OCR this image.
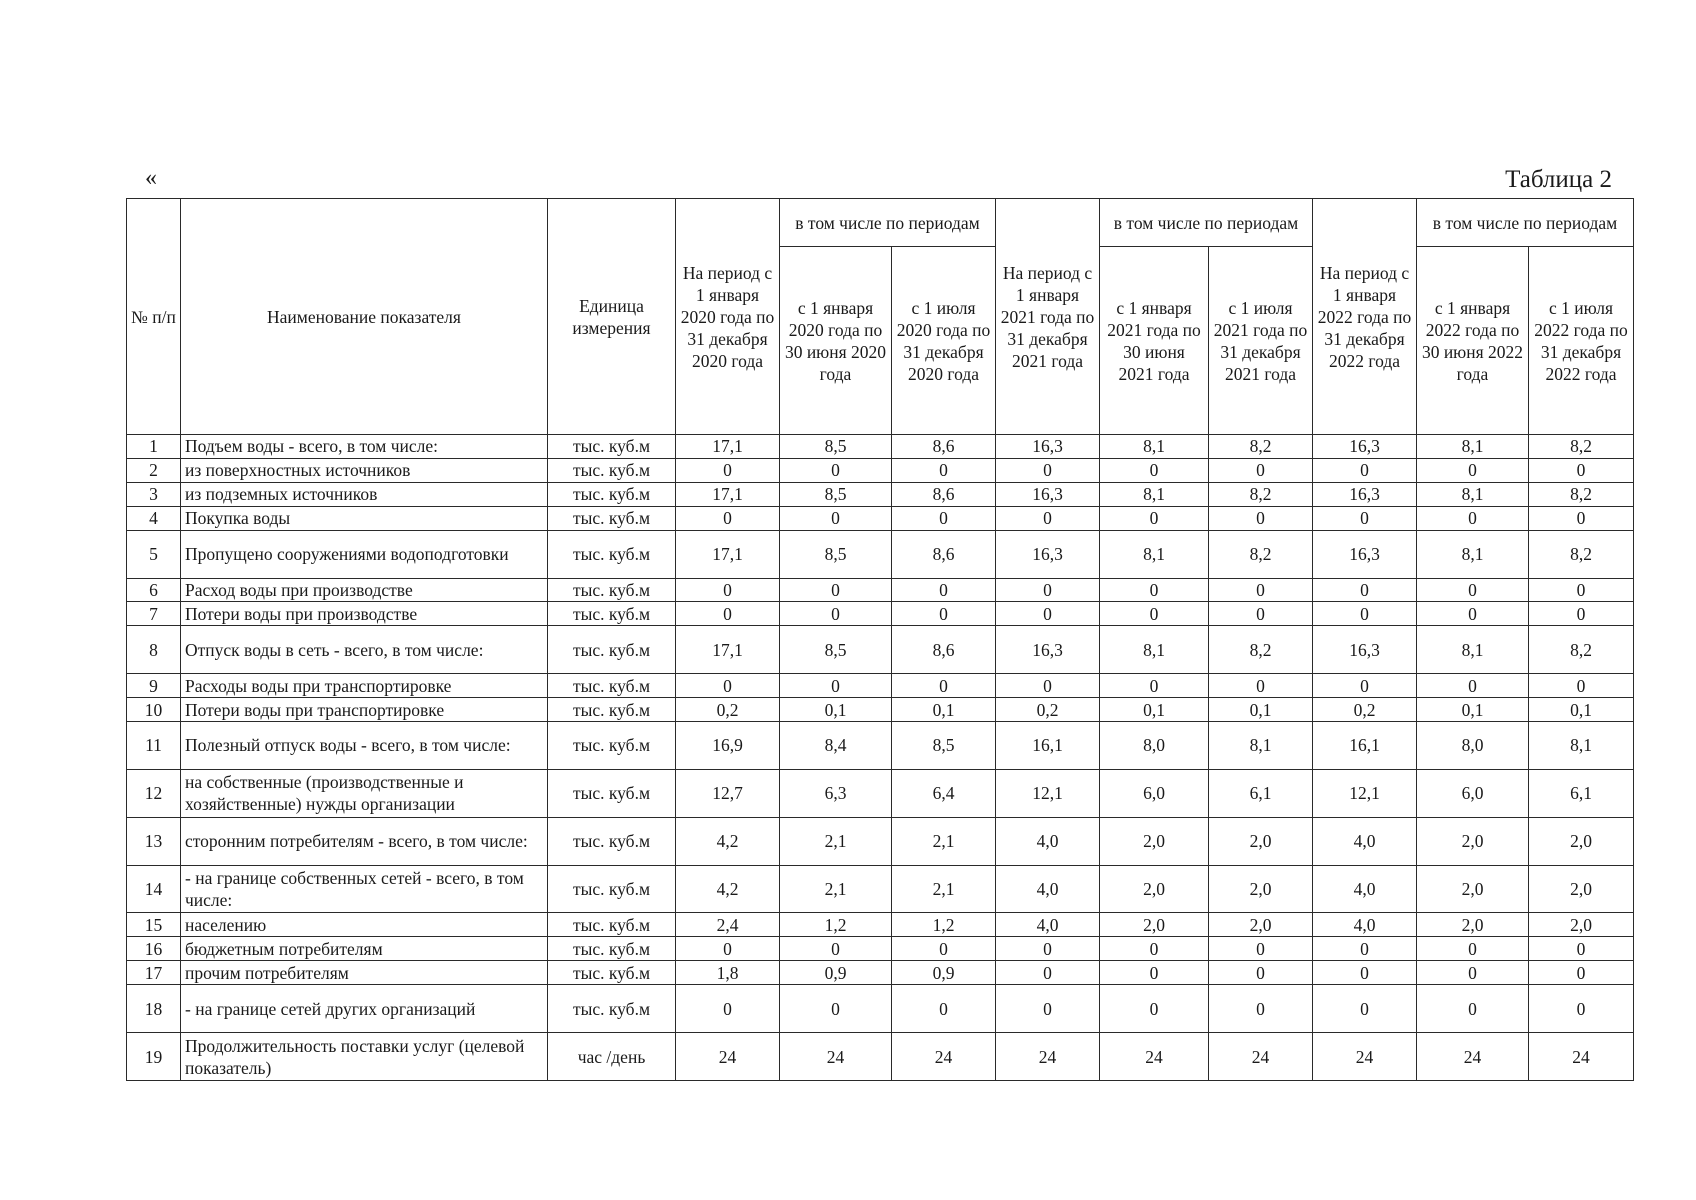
«	Таблица 2
№ п/п	Наименование показателя	Единица измерения	На период с 1 января 2020 года по 31 декабря 2020 года	в том числе по периодам		На период с 1 января 2021 года по 31 декабря 2021 года	в том числе по периодам		На период с 1 января 2022 года по 31 декабря 2022 года	в том числе по периодам	
				с 1 января 2020 года по 30 июня 2020 года	с 1 июля 2020 года по 31 декабря 2020 года		с 1 января 2021 года по 30 июня 2021 года	с 1 июля 2021 года по 31 декабря 2021 года		с 1 января 2022 года по 30 июня 2022 года	с 1 июля 2022 года по 31 декабря 2022 года
1	Подъем воды - всего, в том числе:	тыс. куб.м	17,1	8,5	8,6	16,3	8,1	8,2	16,3	8,1	8,2
2	из поверхностных источников	тыс. куб.м	0	0	0	0	0	0	0	0	0
3	из подземных источников	тыс. куб.м	17,1	8,5	8,6	16,3	8,1	8,2	16,3	8,1	8,2
4	Покупка воды	тыс. куб.м	0	0	0	0	0	0	0	0	0
5	Пропущено сооружениями водоподготовки	тыс. куб.м	17,1	8,5	8,6	16,3	8,1	8,2	16,3	8,1	8,2
6	Расход воды при производстве	тыс. куб.м	0	0	0	0	0	0	0	0	0
7	Потери воды при производстве	тыс. куб.м	0	0	0	0	0	0	0	0	0
8	Отпуск воды в сеть - всего, в том числе:	тыс. куб.м	17,1	8,5	8,6	16,3	8,1	8,2	16,3	8,1	8,2
9	Расходы воды при транспортировке	тыс. куб.м	0	0	0	0	0	0	0	0	0
10	Потери воды при транспортировке	тыс. куб.м	0,2	0,1	0,1	0,2	0,1	0,1	0,2	0,1	0,1
11	Полезный отпуск воды - всего, в том числе:	тыс. куб.м	16,9	8,4	8,5	16,1	8,0	8,1	16,1	8,0	8,1
12	на собственные (производственные и хозяйственные) нужды организации	тыс. куб.м	12,7	6,3	6,4	12,1	6,0	6,1	12,1	6,0	6,1
13	сторонним потребителям - всего, в том числе:	тыс. куб.м	4,2	2,1	2,1	4,0	2,0	2,0	4,0	2,0	2,0
14	- на границе собственных сетей - всего, в том числе:	тыс. куб.м	4,2	2,1	2,1	4,0	2,0	2,0	4,0	2,0	2,0
15	населению	тыс. куб.м	2,4	1,2	1,2	4,0	2,0	2,0	4,0	2,0	2,0
16	бюджетным потребителям	тыс. куб.м	0	0	0	0	0	0	0	0	0
17	прочим потребителям	тыс. куб.м	1,8	0,9	0,9	0	0	0	0	0	0
18	- на границе сетей других организаций	тыс. куб.м	0	0	0	0	0	0	0	0	0
19	Продолжительность поставки услуг (целевой показатель)	час /день	24	24	24	24	24	24	24	24	24
